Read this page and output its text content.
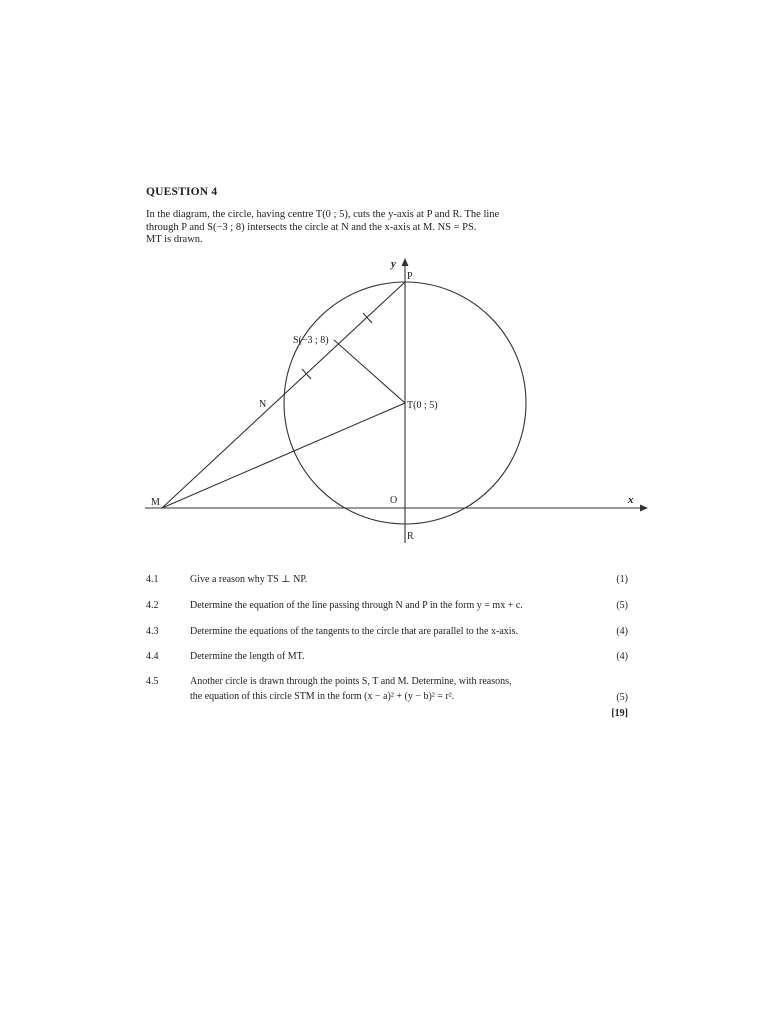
QUESTION 4
In the diagram, the circle, having centre T(0 ; 5), cuts the y-axis at P and R. The line
through P and S(−3 ; 8) intersects the circle at N and the x-axis at M. NS = PS.
MT is drawn.
y
x
P
S(−3 ; 8)
N	T(0 ; 5)
M	O
R
4.1	Give a reason why TS ⊥ NP.	(1)
4.2	Determine the equation of the line passing through N and P in the form y = mx + c.	(5)
4.3	Determine the equations of the tangents to the circle that are parallel to the x-axis.	(4)
4.4	Determine the length of MT.	(4)
4.5	Another circle is drawn through the points S, T and M. Determine, with reasons,
the equation of this circle STM in the form (x − a)² + (y − b)² = r².	(5)
[19]
